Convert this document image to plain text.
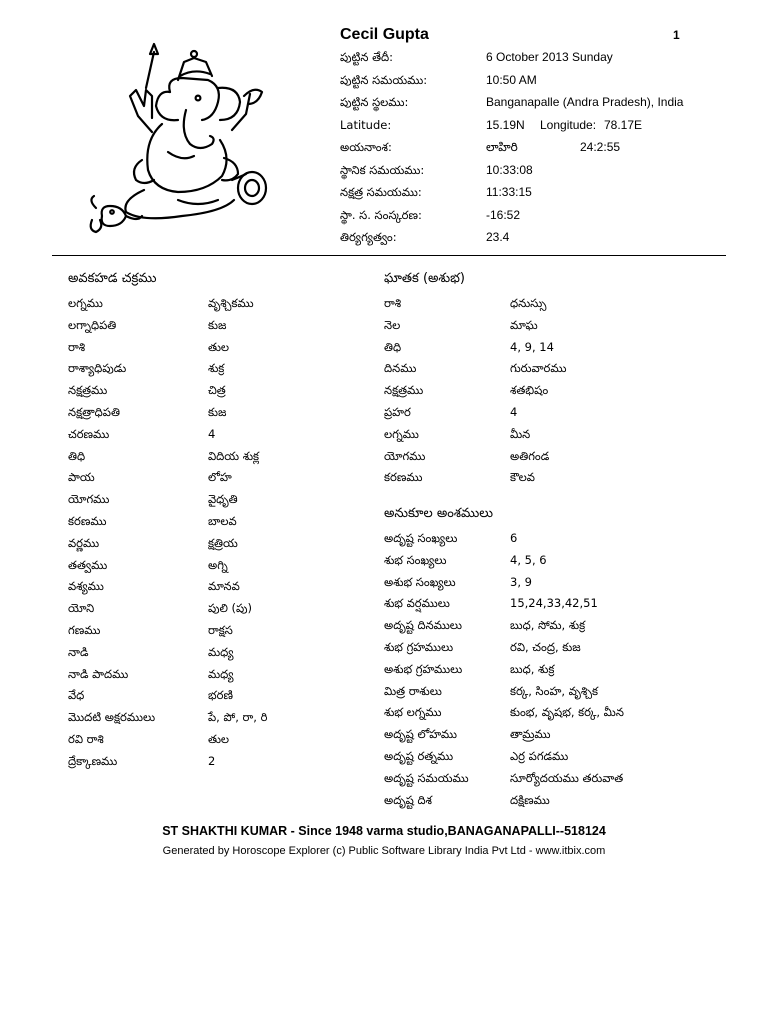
Cecil Gupta	1
పుట్టిన తేదీ:	6 October 2013 Sunday
పుట్టిన సమయము:	10:50 AM
పుట్టిన స్థలము:	Banganapalle (Andra Pradesh), India
Latitude:	15.19N Longitude: 78.17E
అయనాంశ:	లాహిరి	24:2:55
స్థానిక సమయము:	10:33:08
నక్షత్ర సమయము:	11:33:15
స్థా. స. సంస్కరణ:	-16:52
తిర్యగ్యత్వం:	23.4
అవకహడ చక్రము
లగ్నము	వృశ్చికము
లగ్నాధిపతి	కుజ
రాశి	తుల
రాశ్యాధిపుడు	శుక్ర
నక్షత్రము	చిత్ర
నక్షత్రాధిపతి	కుజ
చరణము	4
తిధి	విదియ శుక్ల
పాయ	లోహ
యోగము	వైధృతి
కరణము	బాలవ
వర్ణము	క్షత్రియ
తత్వము	అగ్ని
వశ్యము	మానవ
యోని	పులి (పు)
గణము	రాక్షస
నాడి	మధ్య
నాడి పాదము	మధ్య
వేధ	భరణి
మొదటి అక్షరములు	పే, పో, రా, రి
రవి రాశి	తుల
ద్రేక్కాణము	2
ఘాతక (అశుభ)
రాశి	ధనుస్సు
నెల	మాఘ
తిధి	4, 9, 14
దినము	గురువారము
నక్షత్రము	శతభిషం
ప్రహర	4
లగ్నము	మీన
యోగము	అతిగండ
కరణము	కౌలవ
అనుకూల అంశములు
అదృష్ట సంఖ్యలు	6
శుభ సంఖ్యలు	4, 5, 6
అశుభ సంఖ్యలు	3, 9
శుభ వర్షములు	15,24,33,42,51
అదృష్ట దినములు	బుధ, సోమ, శుక్ర
శుభ గ్రహములు	రవి, చంద్ర, కుజ
అశుభ గ్రహములు	బుధ, శుక్ర
మిత్ర రాశులు	కర్క, సింహ, వృశ్చిక
శుభ లగ్నము	కుంభ, వృషభ, కర్క, మీన
అదృష్ట లోహము	తామ్రము
అదృష్ట రత్నము	ఎర్ర పగడము
అదృష్ట సమయము	సూర్యోదయము తరువాత
అదృష్ట దిశ	దక్షిణము
ST SHAKTHI KUMAR - Since 1948 varma studio,BANAGANAPALLI--518124
Generated by Horoscope Explorer (c) Public Software Library India Pvt Ltd - www.itbix.com
